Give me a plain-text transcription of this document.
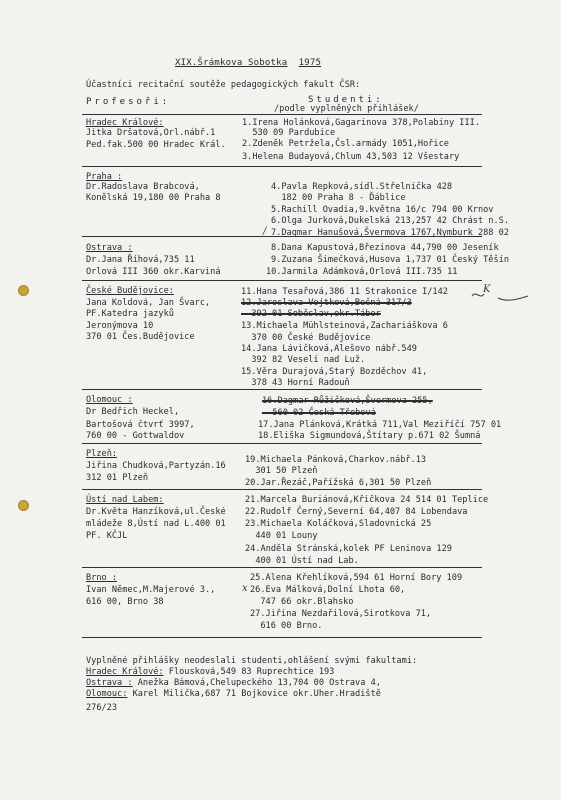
XIX.Šrámkova Sobotka 1975
Účastníci recitační soutěže pedagogických fakult ČSR:
Profesoři:	Studenti:
/podle vyplněných přihlášek/
Hradec Králové:
Jitka Dršatová,Orl.nábř.1
Ped.fak.500 00 Hradec Král.
1.Irena Holánková,Gagarinova 378,Polabiny III.
530 09 Pardubice
2.Zdeněk Petržela,Čsl.armády 1051,Hořice
3.Helena Budayová,Chlum 43,503 12 Všestary
Praha :
Dr.Radoslava Brabcová,
Konělská 19,180 00 Praha 8
4.Pavla Repková,sídl.Střelnička 428
182 00 Praha 8 - Ďáblice
5.Rachill Ovadia,9.května 16/c 794 00 Krnov
6.Olga Jurková,Dukelská 213,257 42 Chrást n.S.
7.Dagmar Hanušová,Švermova 1767,Nymburk 288 02
/
Ostrava :
Dr.Jana Říhová,735 11
Orlová III 360 okr.Karviná
8.Dana Kapustová,Březinova 44,790 00 Jeseník
9.Zuzana Šimečková,Husova 1,737 01 Český Těšín
10.Jarmila Adámková,Orlová III.735 11
České Budějovice:
Jana Koldová, Jan Švarc,
PF.Katedra jazyků
Jeronýmova 10
370 01 Čes.Budějovice
11.Hana Tesařová,386 11 Strakonice I/142
12.Jaroslava Vojtková,Bečná 317/3
392 01 Soběslav,okr.Tábor
13.Michaela Mühlsteinová,Zachariáškova 6
370 00 České Budějovice
14.Jana Lávičková,Alešovo nábř.549
392 82 Veselí nad Luž.
15.Věra Durajová,Starý Bozděchov 41,
378 43 Horní Radouň
K
Olomouc :
Dr Bedřich Heckel,
Bartošová čtvrť 3997,
760 00 - Gottwaldov
16.Dagmar Růžičková,Švermova 255,
560 02 Česká Třebová
17.Jana Plánková,Krátká 711,Val Meziříčí 757 01
18.Eliška Sigmundová,Štítary p.671 02 Šumná
Plzeň:
Jiřina Chudková,Partyzán.16
312 01 Plzeň
19.Michaela Pánková,Charkov.nábř.13
301 50 Plzeň
20.Jar.Řezáč,Pařížská 6,301 50 Plzeň
Ústí nad Labem:
Dr.Květa Hanzíková,ul.České
mládeže 8,Ústí nad L.400 01
PF. KČJL
21.Marcela Buriánová,Křičkova 24 514 01 Teplice
22.Rudolf Černý,Severní 64,407 84 Lobendava
23.Michaela Koláčková,Sladovnická 25
440 01 Louny
24.Anděla Stránská,kolek PF Leninova 129
400 01 Ústí nad Lab.
Brno :
Ivan Němec,M.Majerové 3.,
616 00, Brno 38
25.Alena Křehlíková,594 61 Horní Bory 109
26.Eva Málková,Dolní Lhota 60,
747 66 okr.Blahsko
27.Jiřina Nezdařilová,Sirotkova 71,
616 00 Brno.
x
Vyplněné přihlášky neodeslali studenti,ohlášení svými fakultami:
Hradec Králové: Flousková,549 83 Ruprechtice 193
Ostrava : Anežka Bámová,Chelupeckého 13,704 00 Ostrava 4,
Olomouc: Karel Milička,687 71 Bojkovice okr.Uher.Hradiště
276/23
